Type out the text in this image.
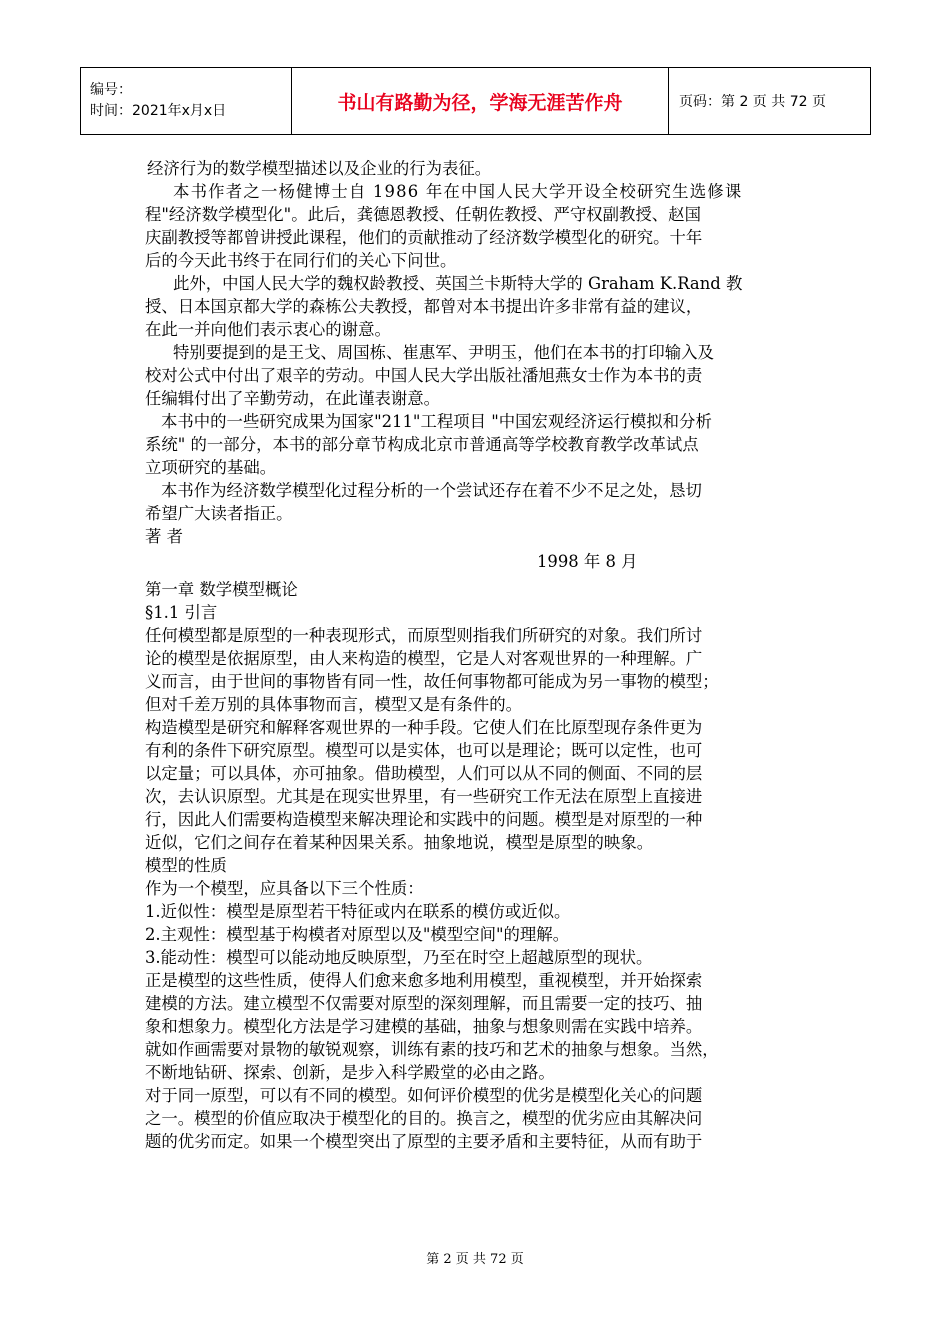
编号：
时间：2021年x月x日	书山有路勤为径，学海无涯苦作舟	页码：第 2 页 共 72 页

经济行为的数学模型描述以及企业的行为表征。

本书作者之一杨健博士自 1986 年在中国人民大学开设全校研究生选修课

程"经济数学模型化"。此后，龚德恩教授、任朝佐教授、严守权副教授、赵国

庆副教授等都曾讲授此课程，他们的贡献推动了经济数学模型化的研究。十年

后的今天此书终于在同行们的关心下问世。

此外，中国人民大学的魏权龄教授、英国兰卡斯特大学的 Graham K.Rand 教

授、日本国京都大学的森栋公夫教授，都曾对本书提出许多非常有益的建议，

在此一并向他们表示衷心的谢意。

特别要提到的是王戈、周国栋、崔惠军、尹明玉，他们在本书的打印输入及

校对公式中付出了艰辛的劳动。中国人民大学出版社潘旭燕女士作为本书的责

任编辑付出了辛勤劳动，在此谨表谢意。

本书中的一些研究成果为国家"211"工程项目 "中国宏观经济运行模拟和分析

系统" 的一部分，本书的部分章节构成北京市普通高等学校教育教学改革试点

立项研究的基础。

本书作为经济数学模型化过程分析的一个尝试还存在着不少不足之处，恳切

希望广大读者指正。

著 者

1998 年 8 月

第一章 数学模型概论

§1.1 引言

任何模型都是原型的一种表现形式，而原型则指我们所研究的对象。我们所讨

论的模型是依据原型，由人来构造的模型，它是人对客观世界的一种理解。广

义而言，由于世间的事物皆有同一性，故任何事物都可能成为另一事物的模型；

但对千差万别的具体事物而言，模型又是有条件的。

构造模型是研究和解释客观世界的一种手段。它使人们在比原型现存条件更为

有利的条件下研究原型。模型可以是实体，也可以是理论；既可以定性，也可

以定量；可以具体，亦可抽象。借助模型，人们可以从不同的侧面、不同的层

次，去认识原型。尤其是在现实世界里，有一些研究工作无法在原型上直接进

行，因此人们需要构造模型来解决理论和实践中的问题。模型是对原型的一种

近似，它们之间存在着某种因果关系。抽象地说，模型是原型的映象。

模型的性质

作为一个模型，应具备以下三个性质：

1.近似性：模型是原型若干特征或内在联系的模仿或近似。

2.主观性：模型基于构模者对原型以及"模型空间"的理解。

3.能动性：模型可以能动地反映原型，乃至在时空上超越原型的现状。

正是模型的这些性质，使得人们愈来愈多地利用模型，重视模型，并开始探索

建模的方法。建立模型不仅需要对原型的深刻理解，而且需要一定的技巧、抽

象和想象力。模型化方法是学习建模的基础，抽象与想象则需在实践中培养。

就如作画需要对景物的敏锐观察，训练有素的技巧和艺术的抽象与想象。当然，

不断地钻研、探索、创新，是步入科学殿堂的必由之路。

对于同一原型，可以有不同的模型。如何评价模型的优劣是模型化关心的问题

之一。模型的价值应取决于模型化的目的。换言之，模型的优劣应由其解决问

题的优劣而定。如果一个模型突出了原型的主要矛盾和主要特征，从而有助于

第 2 页 共 72 页
